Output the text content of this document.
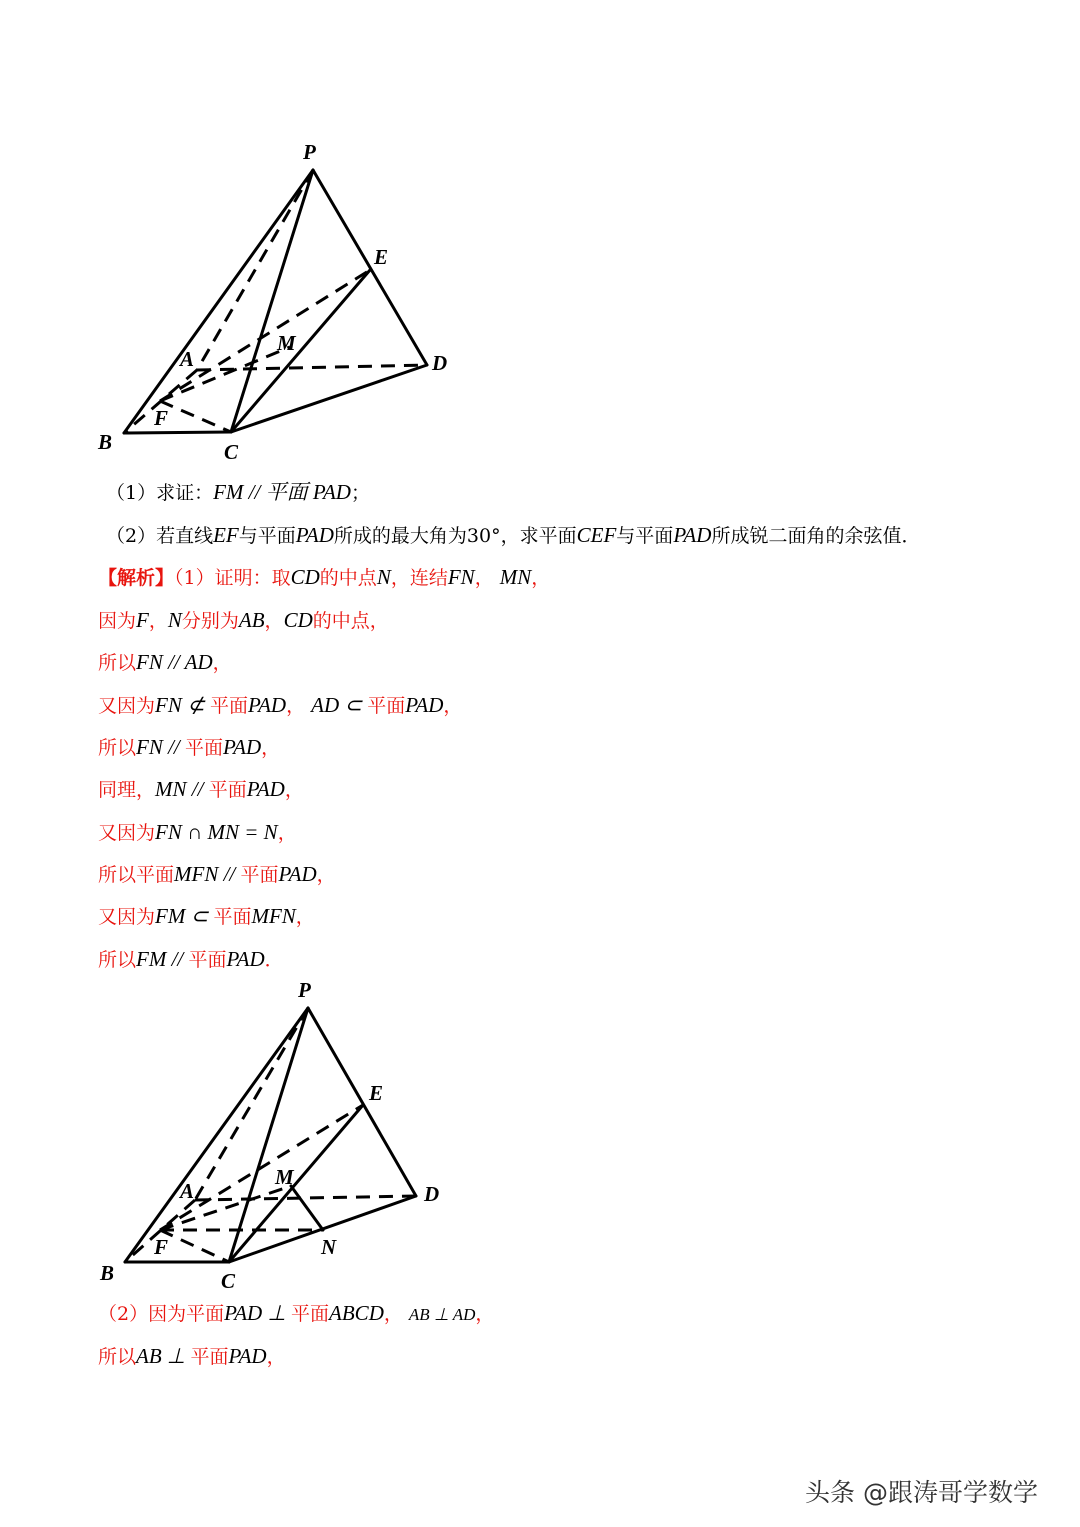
P
E
A
M
D
F
B	C
（1）求证：FM // 平面 PAD；
（2）若直线EF与平面PAD所成的最大角为30°，求平面CEF与平面PAD所成锐二面角的余弦值．
【解析】（1）证明：取CD的中点N，连结FN， MN，
因为F，N分别为AB，CD的中点，
所以FN // AD，
又因为FN ⊄ 平面PAD， AD ⊂ 平面PAD，
所以FN // 平面PAD，
同理，MN // 平面PAD，
又因为FN ∩ MN = N，
所以平面MFN // 平面PAD，
又因为FM ⊂ 平面MFN，
所以FM // 平面PAD．
P
E
A
M
D
F	N
B	C
（2）因为平面PAD ⊥ 平面ABCD， AB ⊥ AD，
所以AB ⊥ 平面PAD，
头条 @跟涛哥学数学
